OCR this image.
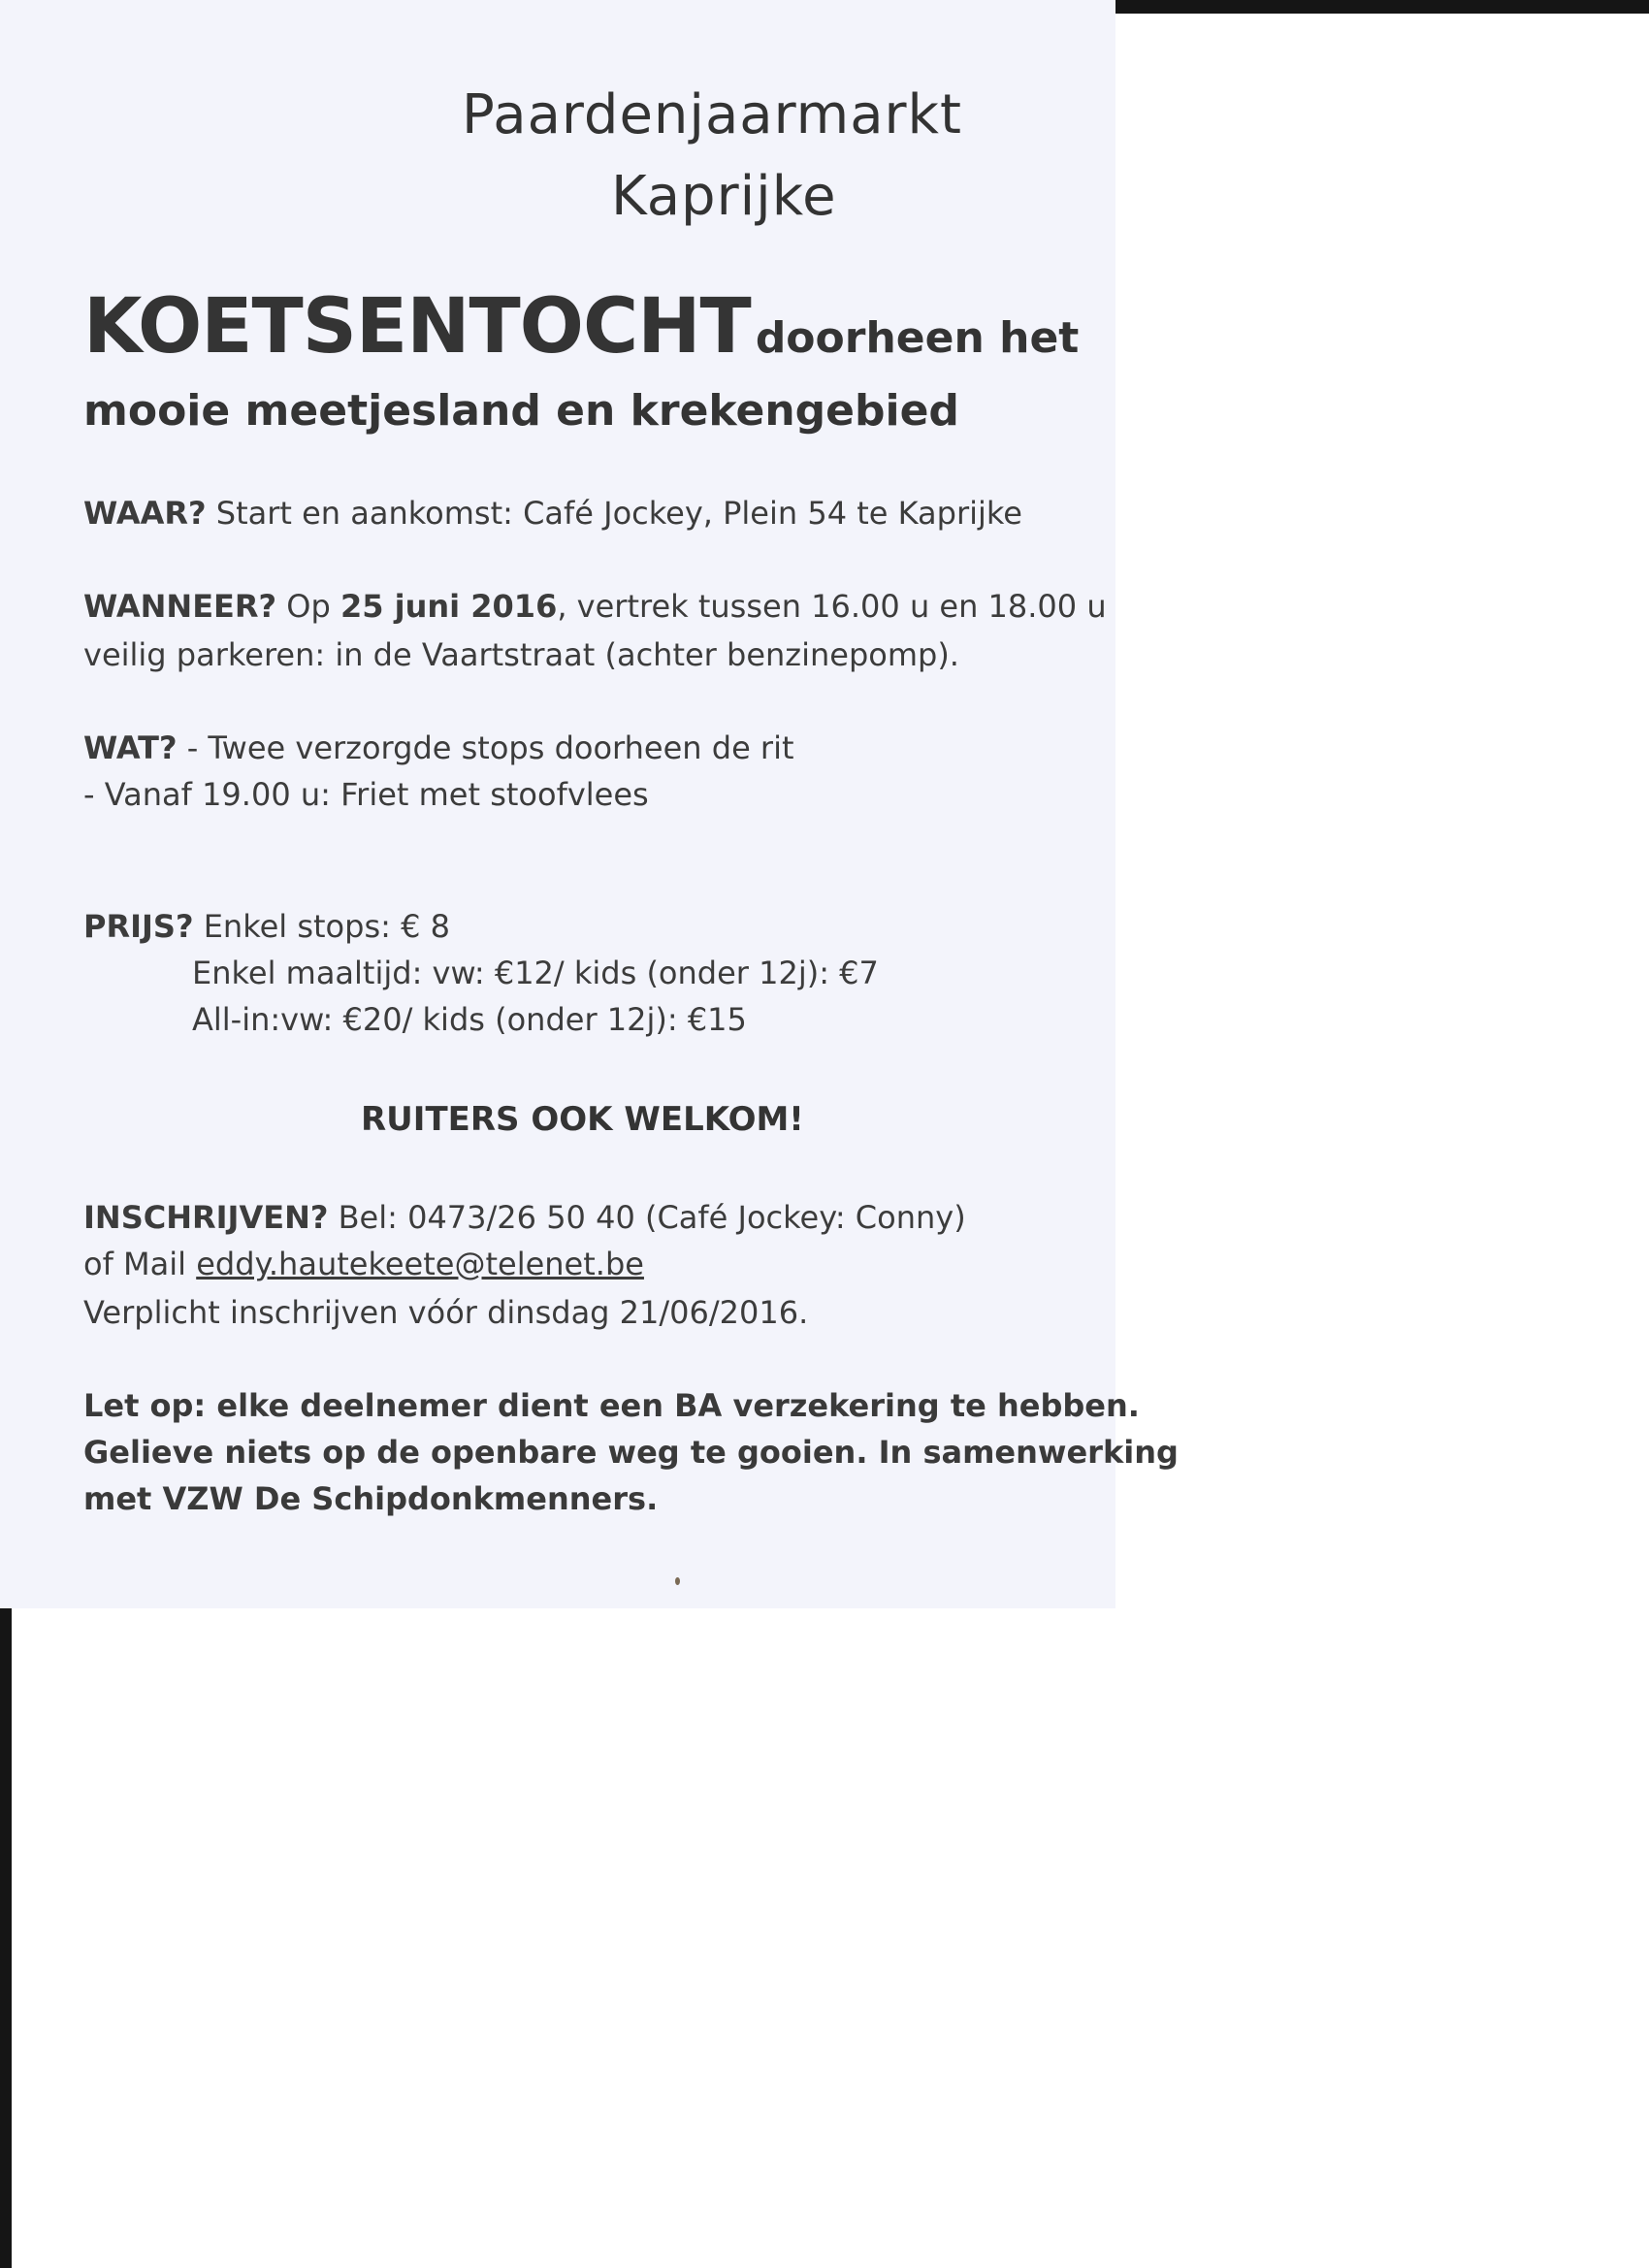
Paardenjaarmarkt

Kaprijke

KOETSENTOCHT doorheen het

mooie meetjesland en krekengebied

WAAR? Start en aankomst: Café Jockey, Plein 54 te Kaprijke

WANNEER? Op 25 juni 2016, vertrek tussen 16.00 u en 18.00 u

veilig parkeren: in de Vaartstraat (achter benzinepomp).

WAT? - Twee verzorgde stops doorheen de rit

- Vanaf 19.00 u: Friet met stoofvlees

PRIJS? Enkel stops: € 8

Enkel maaltijd: vw: €12/ kids (onder 12j): €7

All-in:vw: €20/ kids (onder 12j): €15

RUITERS OOK WELKOM!

INSCHRIJVEN? Bel: 0473/26 50 40 (Café Jockey: Conny)

of Mail eddy.hautekeete@telenet.be

Verplicht inschrijven vóór dinsdag 21/06/2016.

Let op: elke deelnemer dient een BA verzekering te hebben.

Gelieve niets op de openbare weg te gooien. In samenwerking

met VZW De Schipdonkmenners.
